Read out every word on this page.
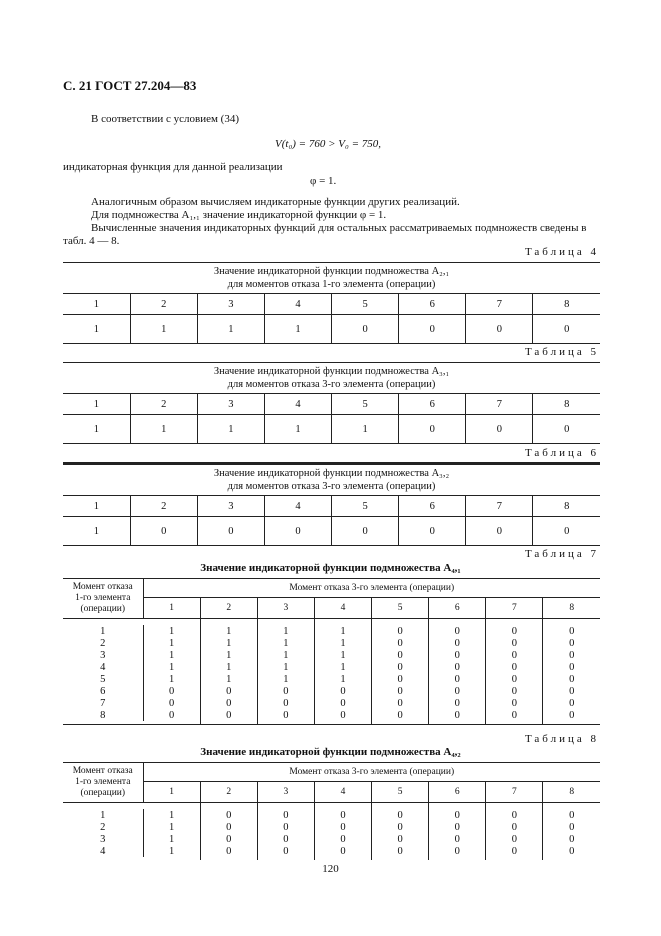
С. 21 ГОСТ 27.204—83
В соответствии с условием (34)
V(t₀) = 760 > V₀ = 750,
индикаторная функция для данной реализации
φ = 1.
Аналогичным образом вычисляем индикаторные функции других реализаций.
Для подмножества A₁,₁ значение индикаторной функции φ = 1.
Вычисленные значения индикаторных функций для остальных рассматриваемых подмножеств сведены в
табл. 4 — 8.
Таблица 4
Значение индикаторной функции подмножества A₂,₁
для моментов отказа 1-го элемента (операции)							

1	2	3	4	5	6	7	8
1	1	1	1	0	0	0	0
Таблица 5
Значение индикаторной функции подмножества A₃,₁
для моментов отказа 3-го элемента (операции)							

1	2	3	4	5	6	7	8
1	1	1	1	1	0	0	0
Таблица 6
Значение индикаторной функции подмножества A₃,₂
для моментов отказа 3-го элемента (операции)							

1	2	3	4	5	6	7	8
1	0	0	0	0	0	0	0
Таблица 7
Значение индикаторной функции подмножества A₄,₁
Момент отказа
1-го элемента
(операции)	Момент отказа 3-го элемента (операции)							
	1	2	3	4	5	6	7	8

1	1	1	1	1	0	0	0	0
2	1	1	1	1	0	0	0	0
3	1	1	1	1	0	0	0	0
4	1	1	1	1	0	0	0	0
5	1	1	1	1	0	0	0	0
6	0	0	0	0	0	0	0	0
7	0	0	0	0	0	0	0	0
8	0	0	0	0	0	0	0	0

Таблица 8
Значение индикаторной функции подмножества A₄,₂
Момент отказа
1-го элемента
(операции)	Момент отказа 3-го элемента (операции)							
	1	2	3	4	5	6	7	8

1	1	0	0	0	0	0	0	0
2	1	0	0	0	0	0	0	0
3	1	0	0	0	0	0	0	0
4	1	0	0	0	0	0	0	0

120
